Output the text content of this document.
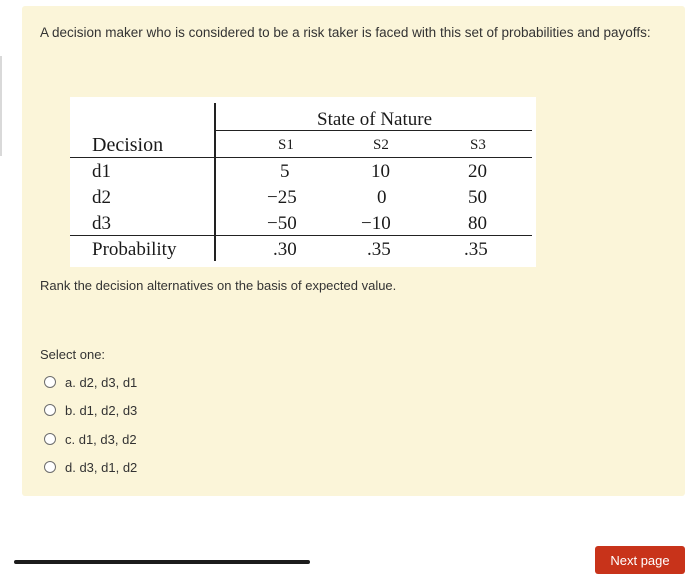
A decision maker who is considered to be a risk taker is faced with this set of probabilities and payoffs:
State of Nature
Decision	S1	S2	S3
d1	5	10	20
d2	−25	0	50
d3	−50	−10	80
Probability	.30	.35	.35
Rank the decision alternatives on the basis of expected value.
Select one:
a. d2, d3, d1
b. d1, d2, d3
c. d1, d3, d2
d. d3, d1, d2
Next page
